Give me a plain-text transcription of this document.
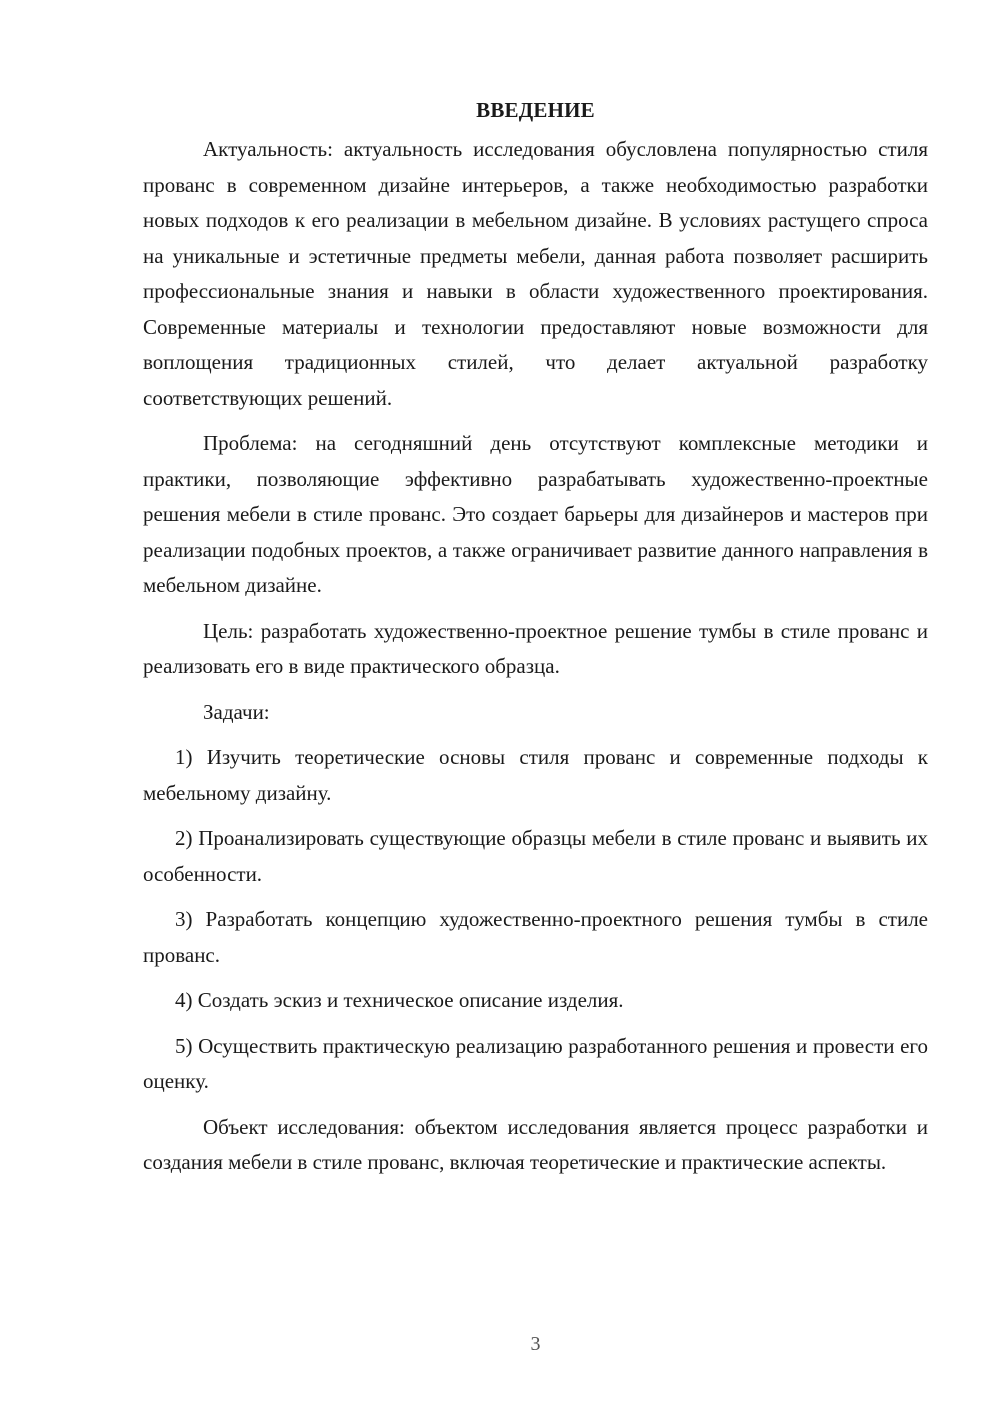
ВВЕДЕНИЕ

Актуальность: актуальность исследования обусловлена популярностью стиля прованс в современном дизайне интерьеров, а также необходимостью разработки новых подходов к его реализации в мебельном дизайне. В условиях растущего спроса на уникальные и эстетичные предметы мебели, данная работа позволяет расширить профессиональные знания и навыки в области художественного проектирования. Современные материалы и технологии предоставляют новые возможности для воплощения традиционных стилей, что делает актуальной разработку соответствующих решений.

Проблема: на сегодняшний день отсутствуют комплексные методики и практики, позволяющие эффективно разрабатывать художественно-проектные решения мебели в стиле прованс. Это создает барьеры для дизайнеров и мастеров при реализации подобных проектов, а также ограничивает развитие данного направления в мебельном дизайне.

Цель: разработать художественно-проектное решение тумбы в стиле прованс и реализовать его в виде практического образца.

Задачи:

1) Изучить теоретические основы стиля прованс и современные подходы к мебельному дизайну.

2) Проанализировать существующие образцы мебели в стиле прованс и выявить их особенности.

3) Разработать концепцию художественно-проектного решения тумбы в стиле прованс.

4) Создать эскиз и техническое описание изделия.

5) Осуществить практическую реализацию разработанного решения и провести его оценку.

Объект исследования: объектом исследования является процесс разработки и создания мебели в стиле прованс, включая теоретические и практические аспекты.

3
